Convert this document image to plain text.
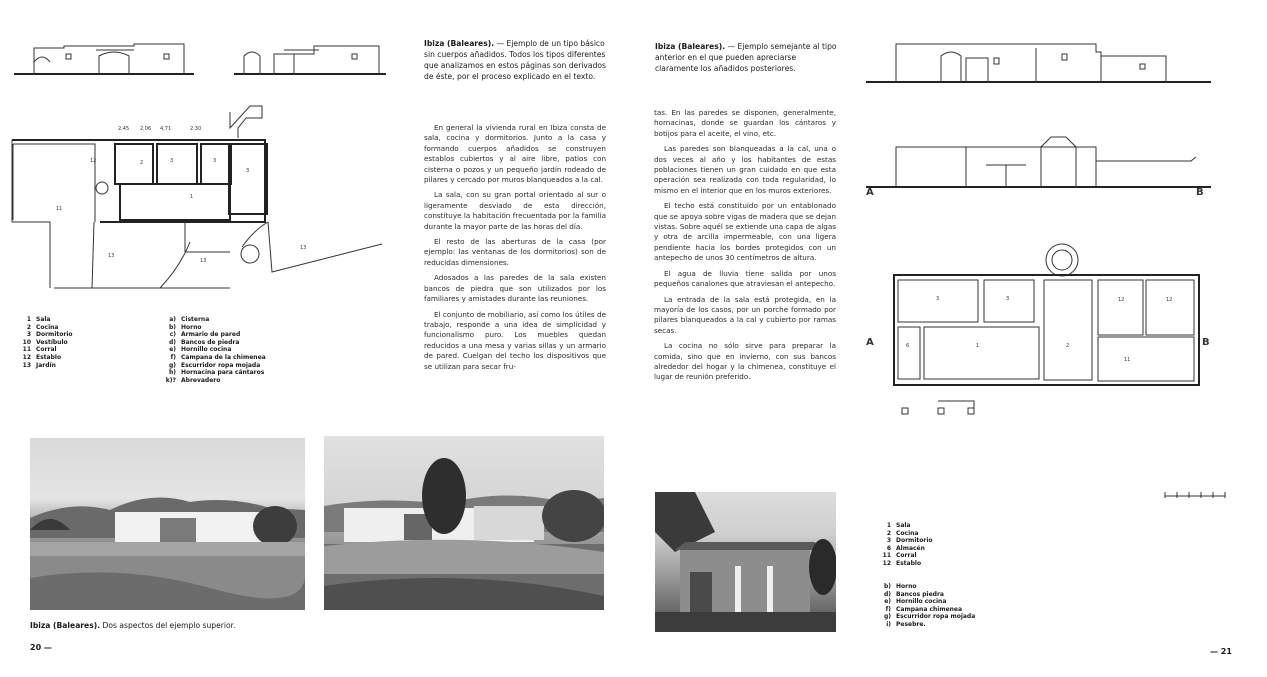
12
11
3	3
3
1
2
13
13
13
2,45 2,06 4,71	2,30
Ibiza (Baleares). — Ejemplo de un tipo básico sin cuerpos añadidos. Todos los tipos diferentes que analizamos en estos páginas son derivados de éste, por el proceso explicado en el texto.

En general la vivienda rural en Ibiza consta de sala, cocina y dormitorios. Junto a la casa y formando cuerpos añadidos se construyen establos cubiertos y al aire libre, patios con cisterna o pozos y un pequeño jardín rodeado de pilares y cercado por muros blanqueados a la cal.

La sala, con su gran portal orientado al sur o ligeramente desviado de esta dirección, constituye la habitación frecuentada por la familia durante la mayor parte de las horas del día.

El resto de las aberturas de la casa (por ejemplo: las ventanas de los dormitorios) son de reducidas dimensiones.

Adosados a las paredes de la sala existen bancos de piedra que son utilizados por los familiares y amistades durante las reuniones.

El conjunto de mobiliario, así como los útiles de trabajo, responde a una idea de simplicidad y funcionalismo puro. Los muebles quedan reducidos a una mesa y varias sillas y un armario de pared. Cuelgan del techo los dispositivos que se utilizan para secar fru-

1 Sala
2 Cocina
3 Dormitorio
10 Vestíbulo
11 Corral
12 Establo
13 Jardín
a) Cisterna
b) Horno
c) Armario de pared
d) Bancos de piedra
e) Hornillo cocina
f) Campana de la chimenea
g) Escurridor ropa mojada
h) Hornacina para cántaros
k)? Abrevadero
Ibiza (Baleares). Dos aspectos del ejemplo superior.
20 —
Ibiza (Baleares). — Ejemplo semejante al tipo anterior en el que pueden apreciarse claramente los añadidos posteriores.

tas. En las paredes se disponen, generalmente, hornacinas, donde se guardan los cántaros y botijos para el aceite, el vino, etc.

Las paredes son blanqueadas a la cal, una o dos veces al año y los habitantes de estas poblaciones tienen un gran cuidado en que esta operación sea realizada con toda regularidad, lo mismo en el interior que en los muros exteriores.

El techo está constituido por un entablonado que se apoya sobre vigas de madera que se dejan vistas. Sobre aquél se extiende una capa de algas y otra de arcilla impermeable, con una ligera pendiente hacia los bordes protegidos con un antepecho de unos 30 centímetros de altura.

El agua de lluvia tiene salida por unos pequeños canalones que atraviesan el antepecho.

La entrada de la sala está protegida, en la mayoría de los casos, por un porche formado por pilares blanqueados a la cal y cubierto por ramas secas.

La cocina no sólo sirve para preparar la comida, sino que en invierno, con sus bancos alrededor del hogar y la chimenea, constituye el lugar de reunión preferido.

A	B
3	3
6	1	2
12	12
11
A	B
1 Sala
2 Cocina
3 Dormitorio
6 Almacén
11 Corral
12 Establo
b) Horno
d) Bancos piedra
e) Hornillo cocina
f) Campana chimenea
g) Escurridor ropa mojada
i) Pesebre.
— 21
